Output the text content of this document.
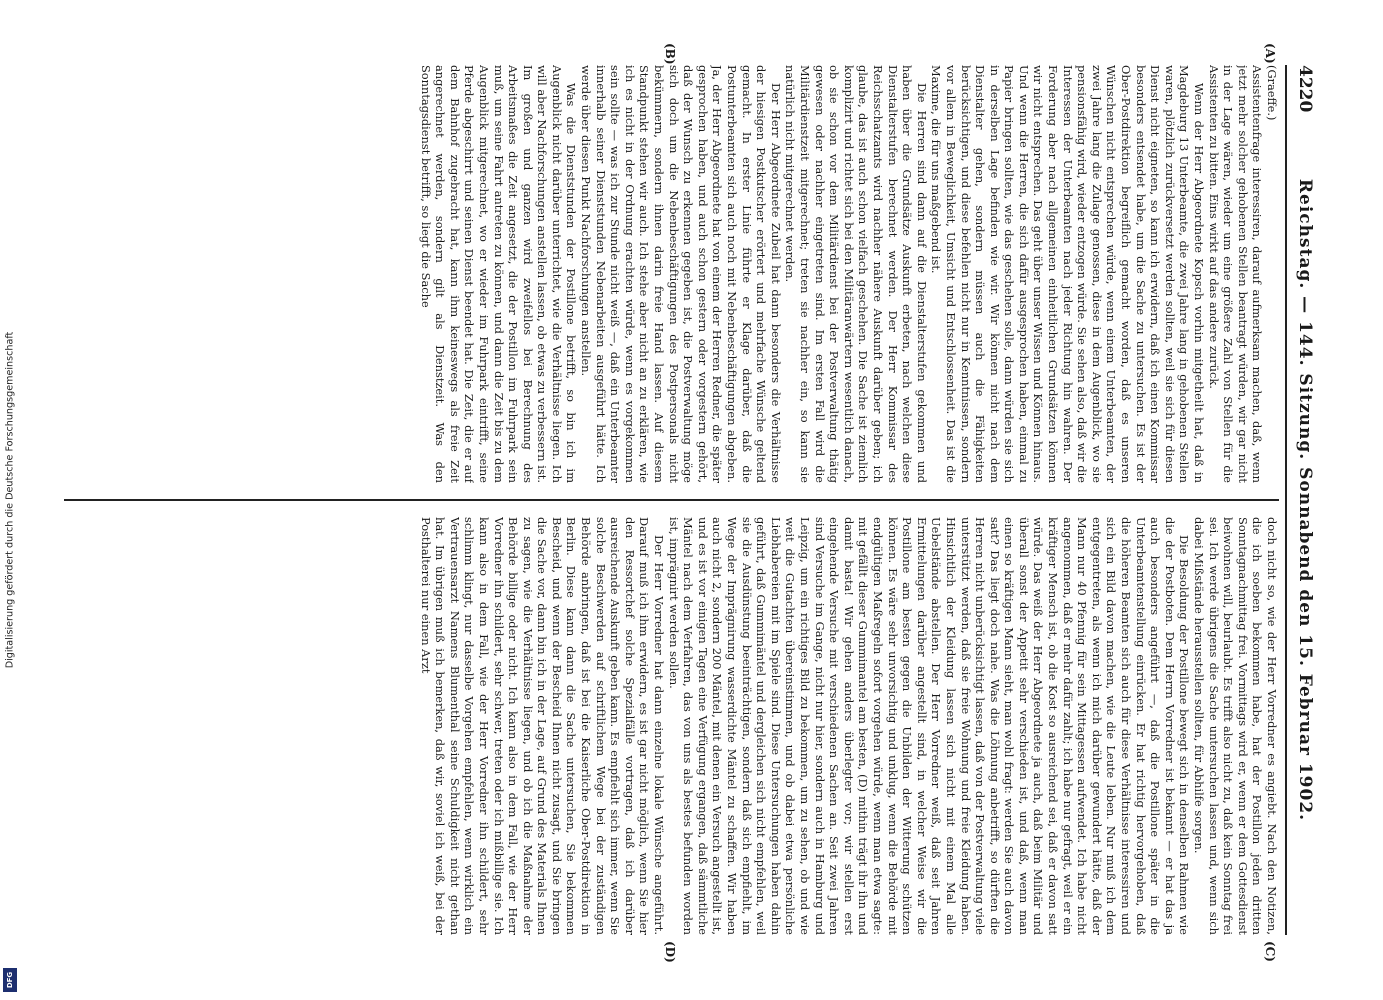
Digitalisierung gefördert durch die Deutsche Forschungsgemeinschaft
DFG
4220
Reichstag. — 144. Sitzung. Sonnabend den 15. Februar 1902.
(A)
(B)
(C)
(D)

(Graeffe.)

Assistentenfrage interessiren, darauf aufmerksam machen, daß, wenn jetzt mehr solcher gehobenen Stellen beantragt würden, wir gar nicht in der Lage wären, wieder um eine größere Zahl von Stellen für die Assistenten zu bitten. Eins wirkt auf das andere zurück.

Wenn der Herr Abgeordnete Kopsch vorhin mitgetheilt hat, daß in Magdeburg 13 Unterbeamte, die zwei Jahre lang in gehobenen Stellen waren, plötzlich zurückversetzt werden sollten, weil sie sich für diesen Dienst nicht eigneten, so kann ich erwidern, daß ich einen Kommissar besonders entsendet habe, um die Sache zu untersuchen. Es ist der Ober-Postdirektion begreiflich gemacht worden, daß es unseren Wünschen nicht entsprechen würde, wenn einem Unterbeamten, der zwei Jahre lang die Zulage genossen, diese in dem Augenblick, wo sie pensionsfähig wird, wieder entzogen würde. Sie sehen also, daß wir die Interessen der Unterbeamten nach jeder Richtung hin wahren. Der Forderung aber nach allgemeinen einheitlichen Grundsätzen können wir nicht entsprechen. Das geht über unser Wissen und Können hinaus. Und wenn die Herren, die sich dafür ausgesprochen haben, einmal zu Papier bringen sollten, wie das geschehen solle, dann würden sie sich in derselben Lage befinden wie wir. Wir können nicht nach dem Dienstalter gehen, sondern müssen auch die Fähigkeiten berücksichtigen, und diese befehlen nicht nur in Kenntnissen, sondern vor allem in Beweglichkeit, Umsicht und Entschlossenheit. Das ist die Maxime, die für uns maßgebend ist.

Die Herren sind dann auf die Dienstalterstufen gekommen und haben über die Grundsätze Auskunft erbeten, nach welchen diese Dienstalterstufen berechnet werden. Der Herr Kommissar des Reichsschatzamts wird nachher nähere Auskunft darüber geben; ich glaube, das ist auch schon vielfach geschehen. Die Sache ist ziemlich komplizirt und richtet sich bei den Militäranwärtern wesentlich danach, ob sie schon vor dem Militärdienst bei der Postverwaltung thätig gewesen oder nachher eingetreten sind. Im ersten Fall wird die Militärdienstzeit mitgerechnet; treten sie nachher ein, so kann sie natürlich nicht mitgerechnet werden.

Der Herr Abgeordnete Zubeil hat dann besonders die Verhältnisse der hiesigen Postkutscher erörtert und mehrfache Wünsche geltend gemacht. In erster Linie führte er Klage darüber, daß die Postunterbeamten sich auch noch mit Nebenbeschäftigungen abgeben. Ja, der Herr Abgeordnete hat von einem der Herren Redner, die später gesprochen haben, und auch schon gestern oder vorgestern gehört, daß der Wunsch zu erkennen gegeben ist, die Postverwaltung möge sich doch um die Nebenbeschäftigungen des Postpersonals nicht bekümmern, sondern ihnen darin freie Hand lassen. Auf diesem Standpunkt stehen wir auch. Ich stehe aber nicht an zu erklären, wie ich es nicht in der Ordnung erachten würde, wenn es vorgekommen sein sollte — was ich zur Stunde nicht weiß —, daß ein Unterbeamter innerhalb seiner Dienststunden Nebenarbeiten ausgeführt hätte. Ich werde über diesen Punkt Nachforschungen anstellen.

Was die Dienststunden der Postillone betrifft, so bin ich im Augenblick nicht darüber unterrichtet, wie die Verhältnisse liegen. Ich will aber Nachforschungen anstellen lassen, ob etwas zu verbessern ist. Im großen und ganzen wird zweifellos bei Berechnung des Arbeitsmaßes die Zeit angesetzt, die der Postillon im Fuhrpark sein muß, um seine Fahrt antreten zu können, und dann die Zeit bis zu dem Augenblick mitgerechnet, wo er wieder im Fuhrpark eintrifft, seine Pferde abgeschirrt und seinen Dienst beendet hat. Die Zeit, die er auf dem Bahnhof zugebracht hat, kann ihm keineswegs als freie Zeit angerechnet werden, sondern gilt als Dienstzeit. Was den Sonntagsdienst betrifft, so liegt die Sache

doch nicht so, wie der Herr Vorredner es angiebt. Nach den Notizen, die ich soeben bekommen habe, hat der Postillon jeden dritten Sonntagnachmittag frei. Vormittags wird er, wenn er dem Gottesdienst beiwohnen will, beurlaubt. Es trifft also nicht zu, daß kein Sonntag frei sei. Ich werde übrigens die Sache untersuchen lassen und, wenn sich dabei Mißstände herausstellen sollten, für Abhilfe sorgen.

Die Besoldung der Postillone bewegt sich in denselben Rahmen wie die der Postboten. Dem Herrn Vorredner ist bekannt — er hat das ja auch besonders angeführt —, daß die Postillone später in die Unterbeamtenstellung einrücken. Er hat richtig hervorgehoben, daß die höheren Beamten sich auch für diese Verhältnisse interessiren und sich ein Bild davon machen, wie die Leute leben. Nur muß ich dem entgegentreten, als wenn ich mich darüber gewundert hätte, daß der Mann nur 40 Pfennig für sein Mittagessen aufwendet. Ich habe nicht angenommen, daß er mehr dafür zahlt; ich habe nur gefragt, weil er ein kräftiger Mensch ist, ob die Kost so ausreichend sei, daß er davon satt würde. Das weiß der Herr Abgeordnete ja auch, daß beim Militär und überall sonst der Appetit sehr verschieden ist, und daß, wenn man einen so kräftigen Mann sieht, man wohl fragt: werden Sie auch davon satt? Das liegt doch nahe. Was die Löhnung anbetrifft, so dürften die Herren nicht unberücksichtigt lassen, daß von der Postverwaltung viele unterstützt werden, daß sie freie Wohnung und freie Kleidung haben. Hinsichtlich der Kleidung lassen sich nicht mit einem Mal alle Uebelstände abstellen. Der Herr Vorredner weiß, daß seit Jahren Ermittelungen darüber angestellt sind, in welcher Weise wir die Postillone am besten gegen die Unbilden der Witterung schützen können. Es wäre sehr unvorsichtig und unklug, wenn die Behörde mit endgültigen Maßregeln sofort vorgehen würde, wenn man etwa sagte: mit gefällt dieser Gummimantel am besten, (D) mithin trägt ihr ihn und damit basta! Wir gehen anders überlegter vor; wir stellen erst eingehende Versuche mit verschiedenen Sachen an. Seit zwei Jahren sind Versuche im Gange, nicht nur hier, sondern auch in Hamburg und Leipzig, um ein richtiges Bild zu bekommen, um zu sehen, ob und wie weit die Gutachten übereinstimmen, und ob dabei etwa persönliche Liebhabereien mit im Spiele sind. Diese Untersuchungen haben dahin geführt, daß Gummimäntel und dergleichen sich nicht empfehlen, weil sie die Ausdünstung beeinträchtigen, sondern daß sich empfiehlt, im Wege der Imprägnirung wasserdichte Mäntel zu schaffen. Wir haben auch nicht 2, sondern 200 Mäntel, mit denen ein Versuch angestellt ist, und es ist vor einigen Tagen eine Verfügung ergangen, daß sämmtliche Mäntel nach dem Verfahren, das von uns als bestes befunden worden ist, imprägnirt werden sollen.

Der Herr Vorredner hat dann einzelne lokale Wünsche angeführt. Darauf muß ich ihm erwidern, es ist gar nicht möglich, wenn Sie hier den Ressortchef solche Spezialfälle vortragen, daß ich darüber ausreichende Auskunft geben kann. Es empfiehlt sich immer, wenn Sie solche Beschwerden auf schriftlichem Wege bei der zuständigen Behörde anbringen, daß ist bei die Kaiserliche Ober-Postdirektion in Berlin. Diese kann dann die Sache untersuchen, Sie bekommen Bescheid, und wenn der Bescheid Ihnen nicht zusagt, und Sie bringen die Sache vor, dann bin ich in der Lage, auf Grund des Materials Ihnen zu sagen, wie die Verhältnisse liegen, und ob ich die Maßnahme der Behörde billige oder nicht. Ich kann also in dem Fall, wie der Herr Vorredner ihn schildert, sehr schwer, treten oder ich mißbillige sie. Ich kann also in dem Fall, wie der Herr Vorredner ihn schildert, sehr schlimm klingt, nur dasselbe Vorgehen empfehlen, wenn wirklich ein Vertrauensarzt Namens Blumenthal seine Schuldigkeit nicht gethan hat. Im übrigen muß ich bemerken, daß wir, soviel ich weiß, bei der Posthalterei nur einen Arzt
